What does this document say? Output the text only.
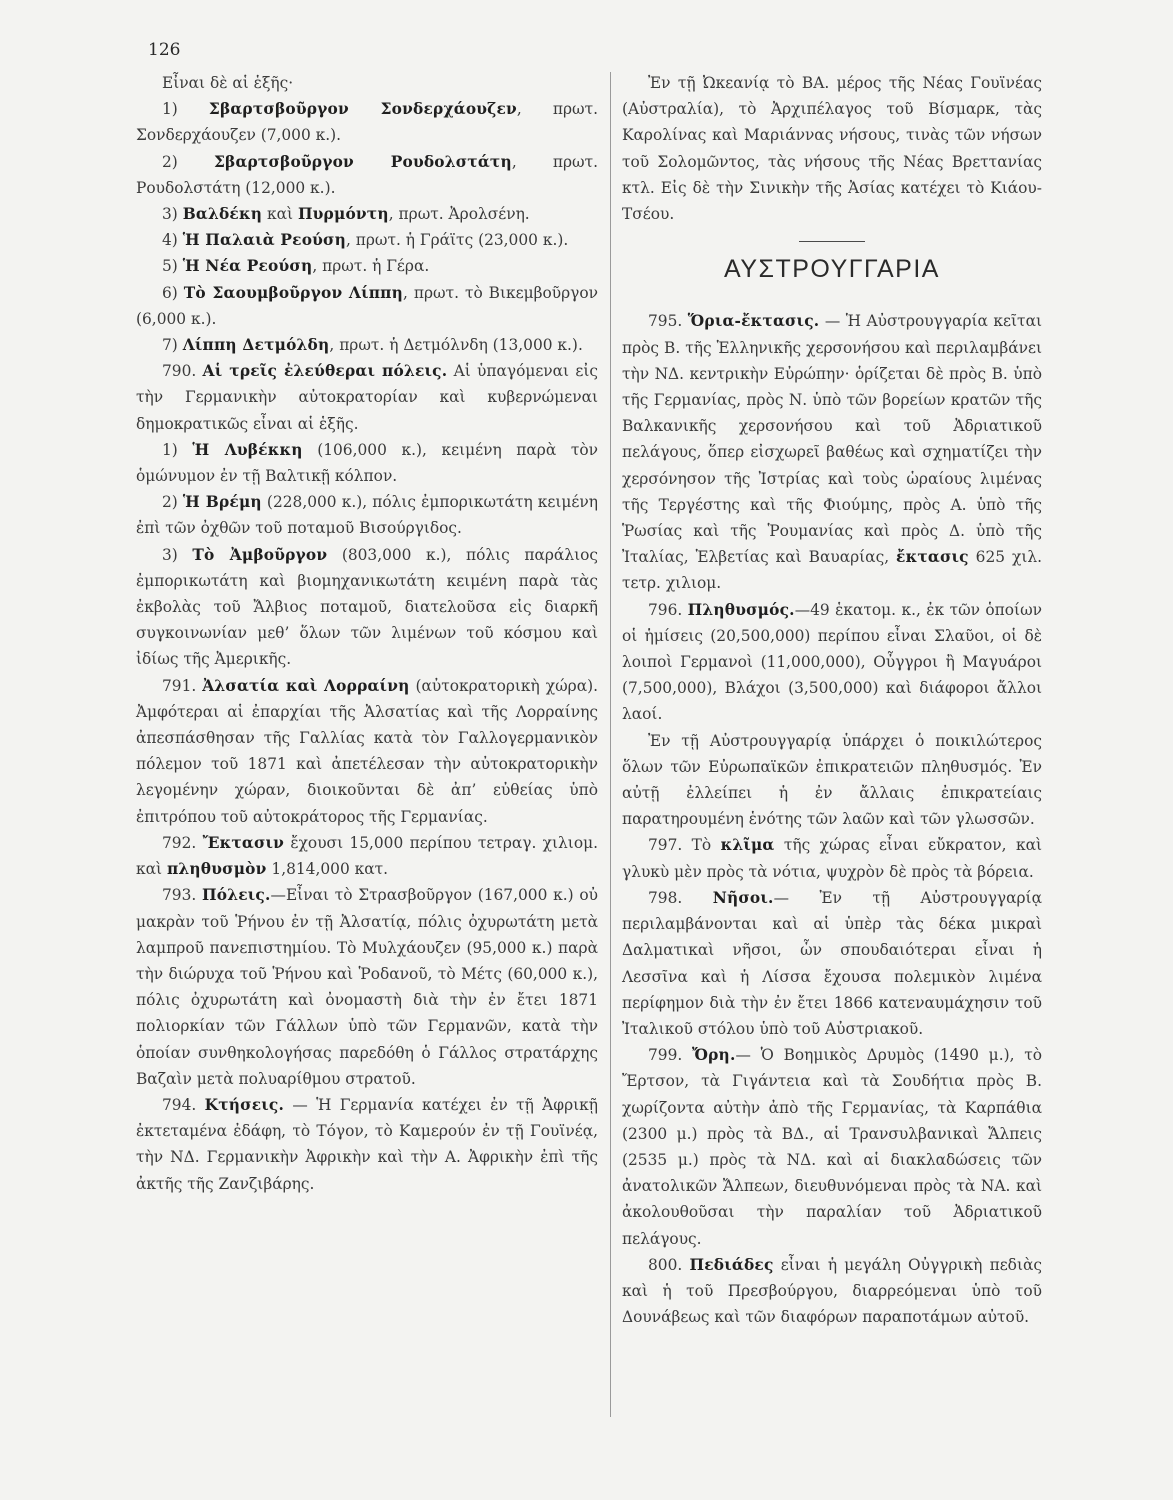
126

Εἶναι δὲ αἱ ἑξῆς·

1) Σβαρτσβοῦργον Σονδερχάουζεν, πρωτ. Σονδερχάουζεν (7,000 κ.).

2) Σβαρτσβοῦργον Ρουδολστάτη, πρωτ. Ρουδολστάτη (12,000 κ.).

3) Βαλδέκη καὶ Πυρμόντη, πρωτ. Ἀρολσένη.

4) Ἡ Παλαιὰ Ρεούση, πρωτ. ἡ Γράϊτς (23,000 κ.).

5) Ἡ Νέα Ρεούση, πρωτ. ἡ Γέρα.

6) Τὸ Σαουμβοῦργον Λίππη, πρωτ. τὸ Βικεμβοῦργον (6,000 κ.).

7) Λίππη Δετμόλδη, πρωτ. ἡ Δετμόλνδη (13,000 κ.).

790. Αἱ τρεῖς ἐλεύθεραι πόλεις. Αἱ ὑπαγόμεναι εἰς τὴν Γερμανικὴν αὐτοκρατορίαν καὶ κυβερνώμεναι δημοκρατικῶς εἶναι αἱ ἑξῆς.

1) Ἡ Λυβέκκη (106,000 κ.), κειμένη παρὰ τὸν ὁμώνυμον ἐν τῇ Βαλτικῇ κόλπον.

2) Ἡ Βρέμη (228,000 κ.), πόλις ἐμπορικωτάτη κειμένη ἐπὶ τῶν ὀχθῶν τοῦ ποταμοῦ Βισούργιδος.

3) Τὸ Ἀμβοῦργον (803,000 κ.), πόλις παράλιος ἐμπορικωτάτη καὶ βιομηχανικωτάτη κειμένη παρὰ τὰς ἐκβολὰς τοῦ Ἄλβιος ποταμοῦ, διατελοῦσα εἰς διαρκῆ συγκοινωνίαν μεθ’ ὅλων τῶν λιμένων τοῦ κόσμου καὶ ἰδίως τῆς Ἀμερικῆς.

791. Ἀλσατία καὶ Λορραίνη (αὐτοκρατορικὴ χώρα). Ἀμφότεραι αἱ ἐπαρχίαι τῆς Ἀλσατίας καὶ τῆς Λορραίνης ἀπεσπάσθησαν τῆς Γαλλίας κατὰ τὸν Γαλλογερμανικὸν πόλεμον τοῦ 1871 καὶ ἀπετέλεσαν τὴν αὐτοκρατορικὴν λεγομένην χώραν, διοικοῦνται δὲ ἀπ’ εὐθείας ὑπὸ ἐπιτρόπου τοῦ αὐτοκράτορος τῆς Γερμανίας.

792. Ἔκτασιν ἔχουσι 15,000 περίπου τετραγ. χιλιομ. καὶ πληθυσμὸν 1,814,000 κατ.

793. Πόλεις.—Εἶναι τὸ Στρασβοῦργον (167,000 κ.) οὐ μακρὰν τοῦ Ῥήνου ἐν τῇ Ἀλσατίᾳ, πόλις ὀχυρωτάτη μετὰ λαμπροῦ πανεπιστημίου. Τὸ Μυλχάουζεν (95,000 κ.) παρὰ τὴν διώρυχα τοῦ Ῥήνου καὶ Ῥοδανοῦ, τὸ Μέτς (60,000 κ.), πόλις ὀχυρωτάτη καὶ ὀνομαστὴ διὰ τὴν ἐν ἔτει 1871 πολιορκίαν τῶν Γάλλων ὑπὸ τῶν Γερμανῶν, κατὰ τὴν ὁποίαν συνθηκολογήσας παρεδόθη ὁ Γάλλος στρατάρχης Βαζαὶν μετὰ πολυαρίθμου στρατοῦ.

794. Κτήσεις. — Ἡ Γερμανία κατέχει ἐν τῇ Ἀφρικῇ ἐκτεταμένα ἐδάφη, τὸ Τόγον, τὸ Καμερούν ἐν τῇ Γουϊνέᾳ, τὴν ΝΔ. Γερμανικὴν Ἀφρικὴν καὶ τὴν Α. Ἀφρικὴν ἐπὶ τῆς ἀκτῆς τῆς Ζανζιβάρης.

Ἐν τῇ Ὠκεανίᾳ τὸ ΒΑ. μέρος τῆς Νέας Γουϊνέας (Αὐστραλία), τὸ Ἀρχιπέλαγος τοῦ Βίσμαρκ, τὰς Καρολίνας καὶ Μαριάννας νήσους, τινὰς τῶν νήσων τοῦ Σολομῶντος, τὰς νήσους τῆς Νέας Βρεττανίας κτλ. Εἰς δὲ τὴν Σινικὴν τῆς Ἀσίας κατέχει τὸ Κιάου-Τσέου.

ΑΥΣΤΡΟΥΓΓΑΡΙΑ

795. Ὅρια-ἔκτασις. — Ἡ Αὐστρουγγαρία κεῖται πρὸς Β. τῆς Ἑλληνικῆς χερσονήσου καὶ περιλαμβάνει τὴν ΝΔ. κεντρικὴν Εὐρώπην· ὁρίζεται δὲ πρὸς Β. ὑπὸ τῆς Γερμανίας, πρὸς Ν. ὑπὸ τῶν βορείων κρατῶν τῆς Βαλκανικῆς χερσονήσου καὶ τοῦ Ἀδριατικοῦ πελάγους, ὅπερ εἰσχωρεῖ βαθέως καὶ σχηματίζει τὴν χερσόνησον τῆς Ἰστρίας καὶ τοὺς ὡραίους λιμένας τῆς Τεργέστης καὶ τῆς Φιούμης, πρὸς Α. ὑπὸ τῆς Ῥωσίας καὶ τῆς Ῥουμανίας καὶ πρὸς Δ. ὑπὸ τῆς Ἰταλίας, Ἑλβετίας καὶ Βαυαρίας, ἔκτασις 625 χιλ. τετρ. χιλιομ.

796. Πληθυσμός.—49 ἑκατομ. κ., ἐκ τῶν ὁποίων οἱ ἡμίσεις (20,500,000) περίπου εἶναι Σλαῦοι, οἱ δὲ λοιποὶ Γερμανοὶ (11,000,000), Οὖγγροι ἢ Μαγυάροι (7,500,000), Βλάχοι (3,500,000) καὶ διάφοροι ἄλλοι λαοί.

Ἐν τῇ Αὐστρουγγαρίᾳ ὑπάρχει ὁ ποικιλώτερος ὅλων τῶν Εὐρωπαϊκῶν ἐπικρατειῶν πληθυσμός. Ἐν αὐτῇ ἐλλείπει ἡ ἐν ἄλλαις ἐπικρατείαις παρατηρουμένη ἑνότης τῶν λαῶν καὶ τῶν γλωσσῶν.

797. Τὸ κλῖμα τῆς χώρας εἶναι εὔκρατον, καὶ γλυκὺ μὲν πρὸς τὰ νότια, ψυχρὸν δὲ πρὸς τὰ βόρεια.

798. Νῆσοι.— Ἐν τῇ Αὐστρουγγαρίᾳ περιλαμβάνονται καὶ αἱ ὑπὲρ τὰς δέκα μικραὶ Δαλματικαὶ νῆσοι, ὧν σπουδαιότεραι εἶναι ἡ Λεσσῖνα καὶ ἡ Λίσσα ἔχουσα πολεμικὸν λιμένα περίφημον διὰ τὴν ἐν ἔτει 1866 κατεναυμάχησιν τοῦ Ἰταλικοῦ στόλου ὑπὸ τοῦ Αὐστριακοῦ.

799. Ὄρη.— Ὁ Βοημικὸς Δρυμὸς (1490 μ.), τὸ Ἔρτσον, τὰ Γιγάντεια καὶ τὰ Σουδήτια πρὸς Β. χωρίζοντα αὐτὴν ἀπὸ τῆς Γερμανίας, τὰ Καρπάθια (2300 μ.) πρὸς τὰ ΒΔ., αἱ Τρανσυλβανικαὶ Ἄλπεις (2535 μ.) πρὸς τὰ ΝΔ. καὶ αἱ διακλαδώσεις τῶν ἀνατολικῶν Ἄλπεων, διευθυνόμεναι πρὸς τὰ ΝΑ. καὶ ἀκολουθοῦσαι τὴν παραλίαν τοῦ Ἀδριατικοῦ πελάγους.

800. Πεδιάδες εἶναι ἡ μεγάλη Οὐγγρικὴ πεδιὰς καὶ ἡ τοῦ Πρεσβούργου, διαρρεόμεναι ὑπὸ τοῦ Δουνάβεως καὶ τῶν διαφόρων παραποτάμων αὐτοῦ.
